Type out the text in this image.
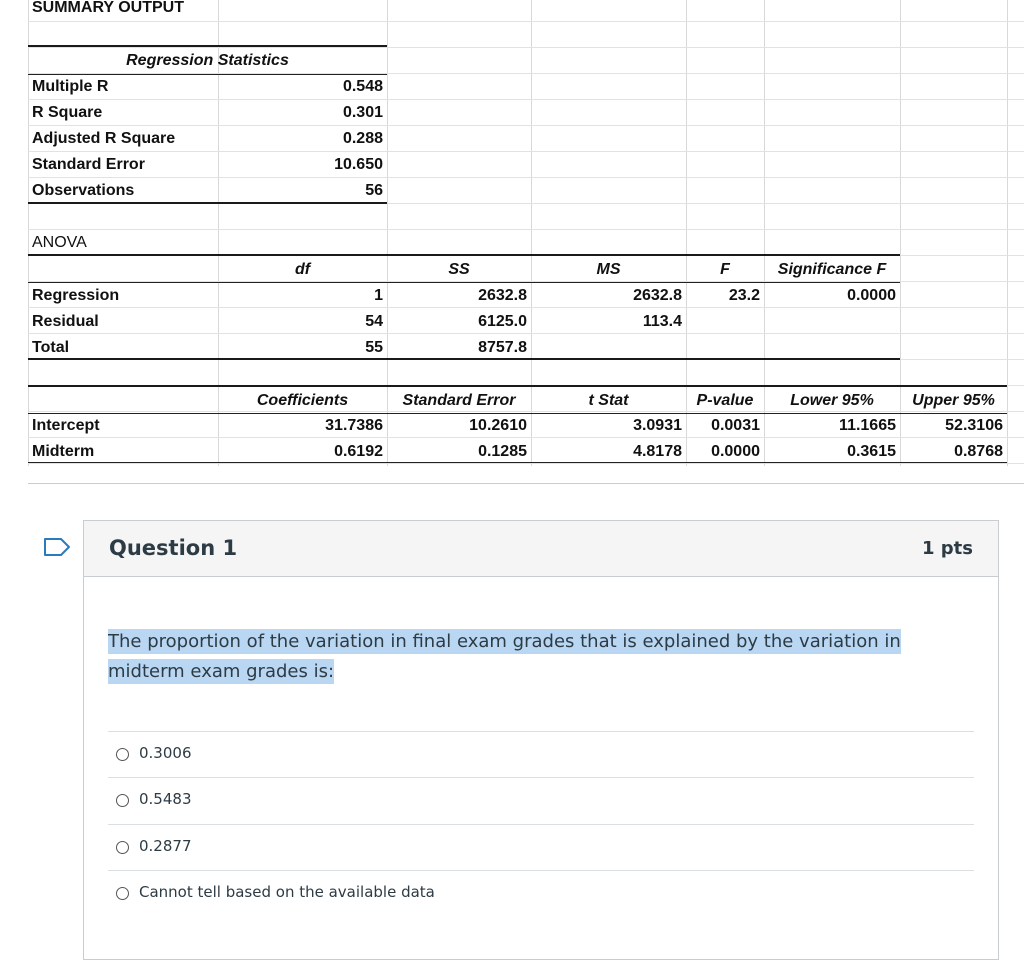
SUMMARY OUTPUT
Regression Statistics
Multiple R	0.548
R Square	0.301
Adjusted R Square	0.288
Standard Error	10.650
Observations	56
ANOVA
df	SS	MS	F	Significance F
Regression	1	2632.8	2632.8	23.2	0.0000
Residual	54	6125.0	113.4
Total	55	8757.8
Coefficients	Standard Error	t Stat	P-value	Lower 95%	Upper 95%
Intercept	31.7386	10.2610	3.0931	0.0031	11.1665	52.3106
Midterm	0.6192	0.1285	4.8178	0.0000	0.3615	0.8768
Question 1	1 pts
The proportion of the variation in final exam grades that is explained by the variation in midterm exam grades is:
0.3006
0.5483
0.2877
Cannot tell based on the available data
